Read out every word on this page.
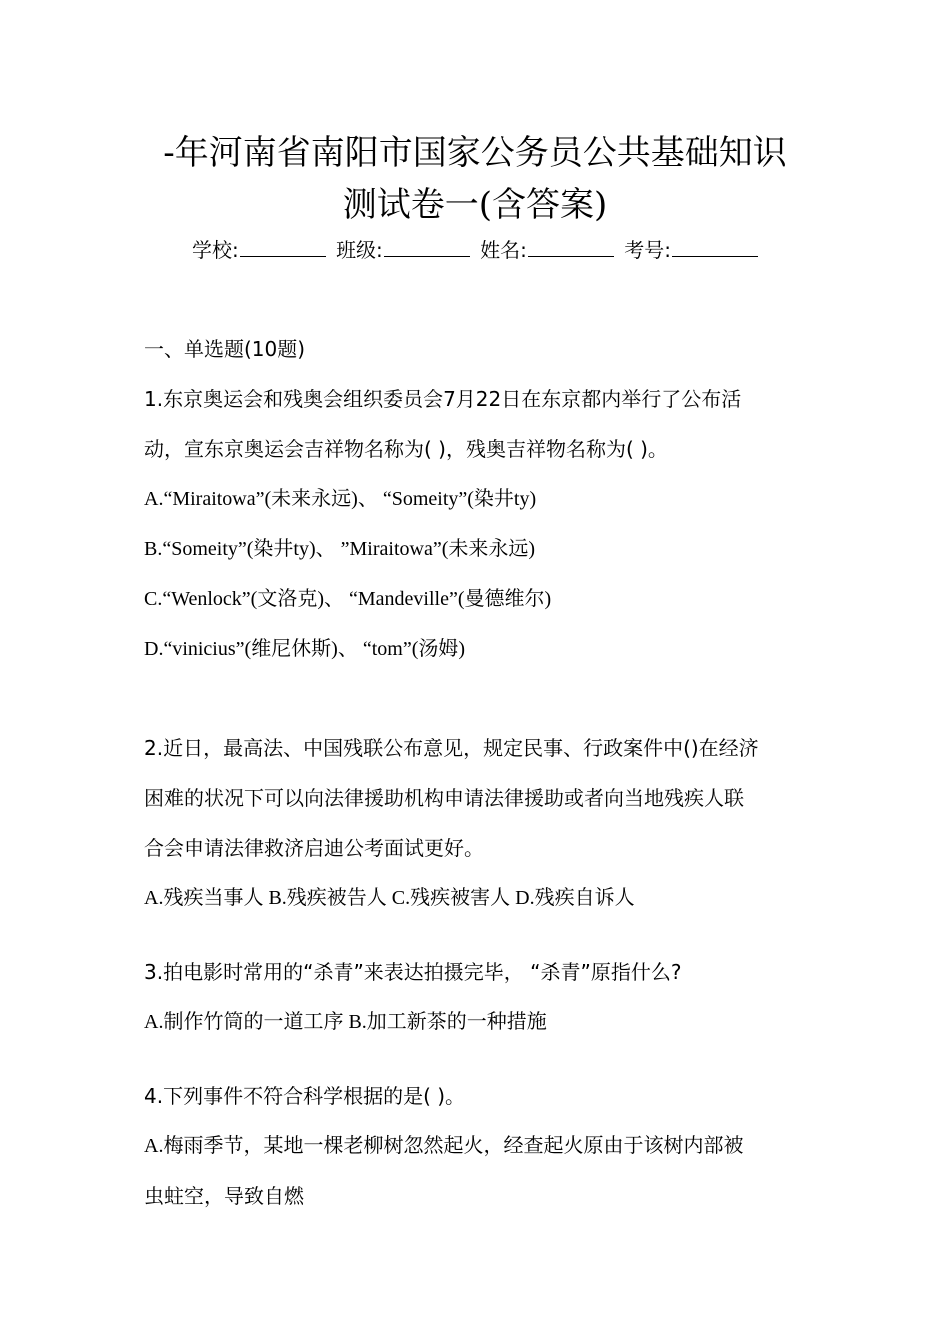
-年河南省南阳市国家公务员公共基础知识
测试卷一(含答案)
学校:	班级:	姓名:	考号:
一、单选题(10题)
1.东京奥运会和残奥会组织委员会7月22日在东京都内举行了公布活
动，宣东京奥运会吉祥物名称为( )，残奥吉祥物名称为( )。
A.“Miraitowa”(未来永远)、 “Someity”(染井ty)
B.“Someity”(染井ty)、 ”Miraitowa”(未来永远)
C.“Wenlock”(文洛克)、 “Mandeville”(曼德维尔)
D.“vinicius”(维尼休斯)、 “tom”(汤姆)
2.近日，最高法、中国残联公布意见，规定民事、行政案件中()在经济
困难的状况下可以向法律援助机构申请法律援助或者向当地残疾人联
合会申请法律救济启迪公考面试更好。
A.残疾当事人 B.残疾被告人 C.残疾被害人 D.残疾自诉人
3.拍电影时常用的“杀青”来表达拍摄完毕， “杀青”原指什么?
A.制作竹筒的一道工序 B.加工新茶的一种措施
4.下列事件不符合科学根据的是( )。
A.梅雨季节，某地一棵老柳树忽然起火，经查起火原由于该树内部被
虫蛀空，导致自燃
